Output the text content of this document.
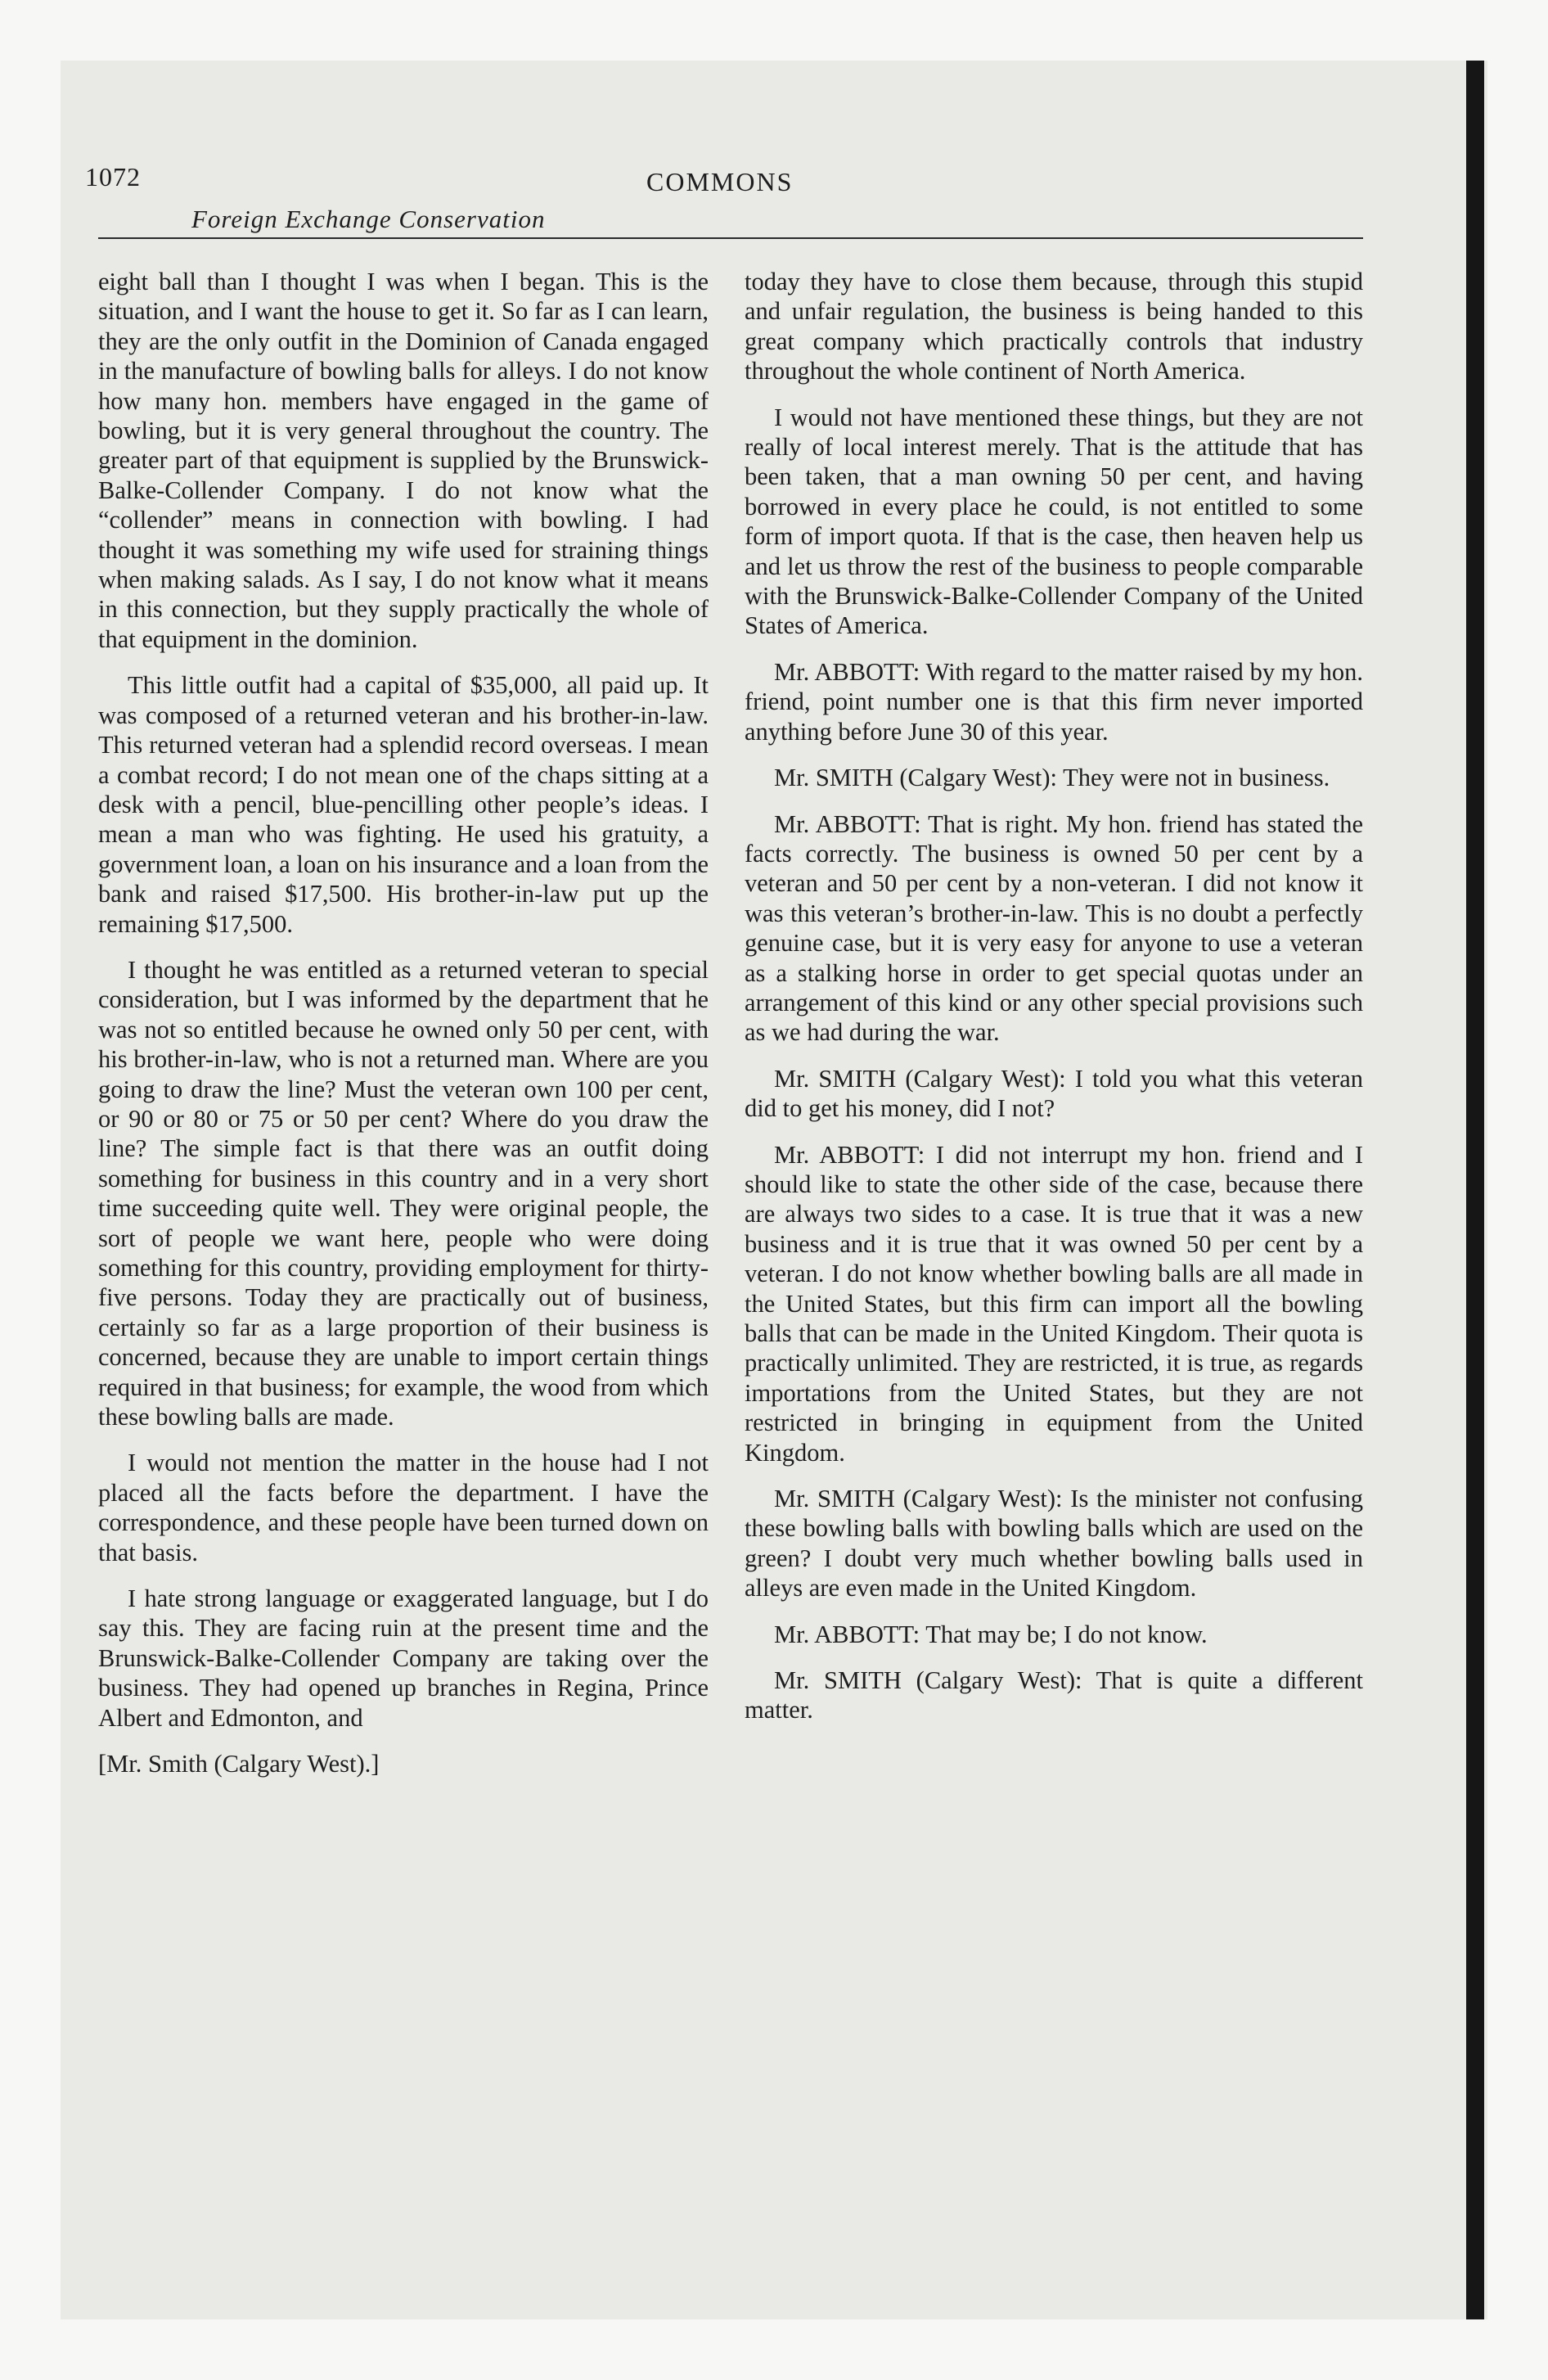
1072
Foreign Exchange Conservation
COMMONS

eight ball than I thought I was when I began. This is the situation, and I want the house to get it. So far as I can learn, they are the only outfit in the Dominion of Canada engaged in the manufacture of bowling balls for alleys. I do not know how many hon. members have engaged in the game of bowling, but it is very general throughout the country. The greater part of that equipment is supplied by the Brunswick-Balke-Collender Company. I do not know what the “collender” means in connection with bowling. I had thought it was something my wife used for straining things when making salads. As I say, I do not know what it means in this connection, but they supply practically the whole of that equipment in the dominion.

This little outfit had a capital of $35,000, all paid up. It was composed of a returned veteran and his brother-in-law. This returned veteran had a splendid record overseas. I mean a combat record; I do not mean one of the chaps sitting at a desk with a pencil, blue-pencilling other people’s ideas. I mean a man who was fighting. He used his gratuity, a government loan, a loan on his insurance and a loan from the bank and raised $17,500. His brother-in-law put up the remaining $17,500.

I thought he was entitled as a returned veteran to special consideration, but I was informed by the department that he was not so entitled because he owned only 50 per cent, with his brother-in-law, who is not a returned man. Where are you going to draw the line? Must the veteran own 100 per cent, or 90 or 80 or 75 or 50 per cent? Where do you draw the line? The simple fact is that there was an outfit doing something for business in this country and in a very short time succeeding quite well. They were original people, the sort of people we want here, people who were doing something for this country, providing employment for thirty-five persons. Today they are practically out of business, certainly so far as a large proportion of their business is concerned, because they are unable to import certain things required in that business; for example, the wood from which these bowling balls are made.

I would not mention the matter in the house had I not placed all the facts before the department. I have the correspondence, and these people have been turned down on that basis.

I hate strong language or exaggerated language, but I do say this. They are facing ruin at the present time and the Brunswick-Balke-Collender Company are taking over the business. They had opened up branches in Regina, Prince Albert and Edmonton, and

[Mr. Smith (Calgary West).]

today they have to close them because, through this stupid and unfair regulation, the business is being handed to this great company which practically controls that industry throughout the whole continent of North America.

I would not have mentioned these things, but they are not really of local interest merely. That is the attitude that has been taken, that a man owning 50 per cent, and having borrowed in every place he could, is not entitled to some form of import quota. If that is the case, then heaven help us and let us throw the rest of the business to people comparable with the Brunswick-Balke-Collender Company of the United States of America.

Mr. ABBOTT: With regard to the matter raised by my hon. friend, point number one is that this firm never imported anything before June 30 of this year.

Mr. SMITH (Calgary West): They were not in business.

Mr. ABBOTT: That is right. My hon. friend has stated the facts correctly. The business is owned 50 per cent by a veteran and 50 per cent by a non-veteran. I did not know it was this veteran’s brother-in-law. This is no doubt a perfectly genuine case, but it is very easy for anyone to use a veteran as a stalking horse in order to get special quotas under an arrangement of this kind or any other special provisions such as we had during the war.

Mr. SMITH (Calgary West): I told you what this veteran did to get his money, did I not?

Mr. ABBOTT: I did not interrupt my hon. friend and I should like to state the other side of the case, because there are always two sides to a case. It is true that it was a new business and it is true that it was owned 50 per cent by a veteran. I do not know whether bowling balls are all made in the United States, but this firm can import all the bowling balls that can be made in the United Kingdom. Their quota is practically unlimited. They are restricted, it is true, as regards importations from the United States, but they are not restricted in bringing in equipment from the United Kingdom.

Mr. SMITH (Calgary West): Is the minister not confusing these bowling balls with bowling balls which are used on the green? I doubt very much whether bowling balls used in alleys are even made in the United Kingdom.

Mr. ABBOTT: That may be; I do not know.

Mr. SMITH (Calgary West): That is quite a different matter.
